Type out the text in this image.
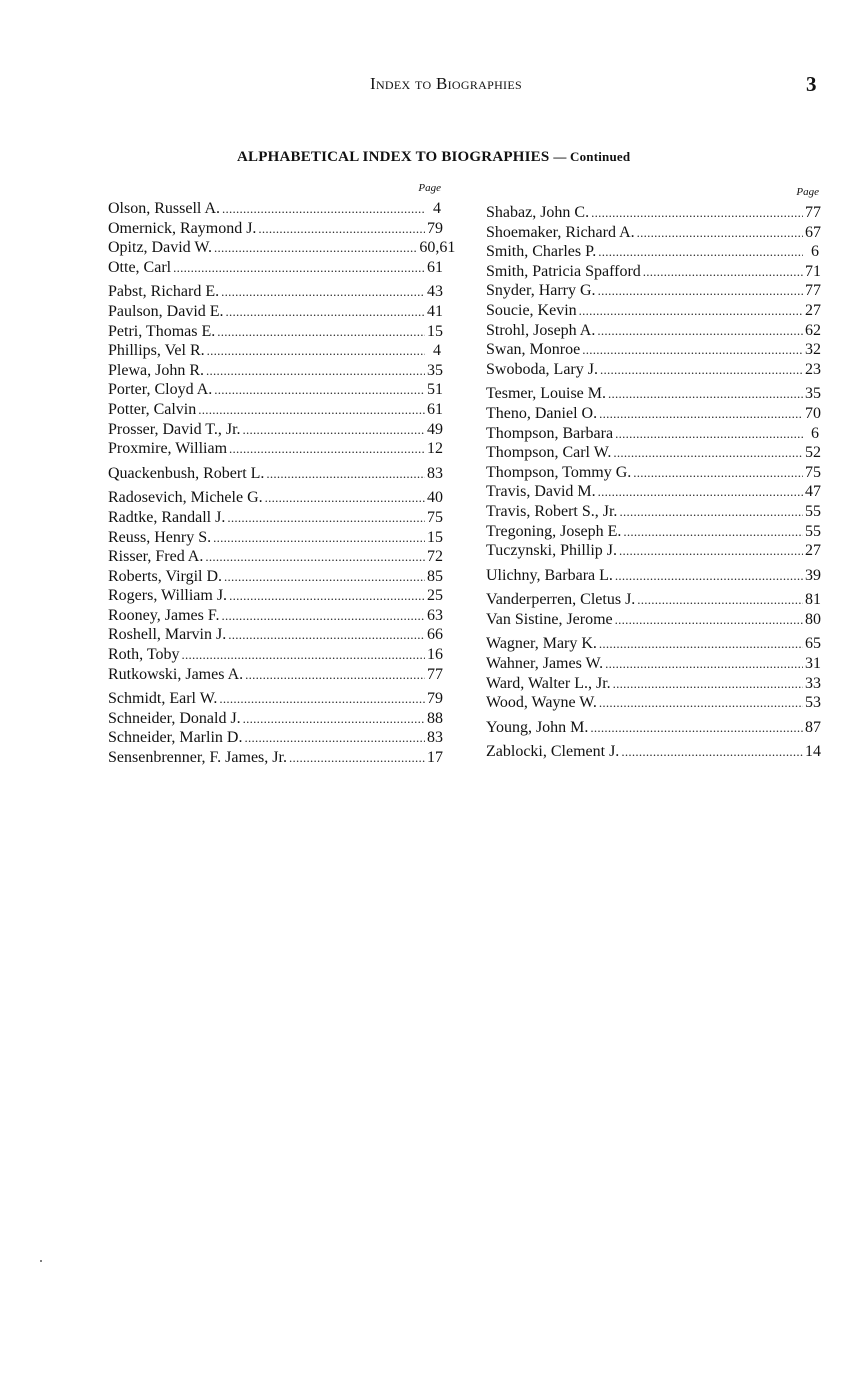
Index to Biographies	3
ALPHABETICAL INDEX TO BIOGRAPHIES — Continued
Page
Olson, Russell A. . . .	4
Omernick, Raymond J. . . .	79
Opitz, David W. . . .	60,61
Otte, Carl . . .	61
Pabst, Richard E. . . .	43
Paulson, David E. . . .	41
Petri, Thomas E. . . .	15
Phillips, Vel R. . . .	4
Plewa, John R. . . .	35
Porter, Cloyd A. . . .	51
Potter, Calvin . . .	61
Prosser, David T., Jr. . . .	49
Proxmire, William . . .	12
Quackenbush, Robert L. . . .	83
Radosevich, Michele G. . . .	40
Radtke, Randall J. . . .	75
Reuss, Henry S. . . .	15
Risser, Fred A. . . .	72
Roberts, Virgil D. . . .	85
Rogers, William J. . . .	25
Rooney, James F. . . .	63
Roshell, Marvin J. . . .	66
Roth, Toby . . .	16
Rutkowski, James A. . . .	77
Schmidt, Earl W. . . .	79
Schneider, Donald J. . . .	88
Schneider, Marlin D. . . .	83
Sensenbrenner, F. James, Jr. . . .	17
Page
Shabaz, John C. . . .	77
Shoemaker, Richard A. . . .	67
Smith, Charles P. . . .	6
Smith, Patricia Spafford . . .	71
Snyder, Harry G. . . .	77
Soucie, Kevin . . .	27
Strohl, Joseph A. . . .	62
Swan, Monroe . . .	32
Swoboda, Lary J. . . .	23
Tesmer, Louise M. . . .	35
Theno, Daniel O. . . .	70
Thompson, Barbara . . .	6
Thompson, Carl W. . . .	52
Thompson, Tommy G. . . .	75
Travis, David M. . . .	47
Travis, Robert S., Jr. . . .	55
Tregoning, Joseph E. . . .	55
Tuczynski, Phillip J. . . .	27
Ulichny, Barbara L. . . .	39
Vanderperren, Cletus J. . . .	81
Van Sistine, Jerome . . .	80
Wagner, Mary K. . . .	65
Wahner, James W. . . .	31
Ward, Walter L., Jr. . . .	33
Wood, Wayne W. . . .	53
Young, John M. . . .	87
Zablocki, Clement J. . . .	14
